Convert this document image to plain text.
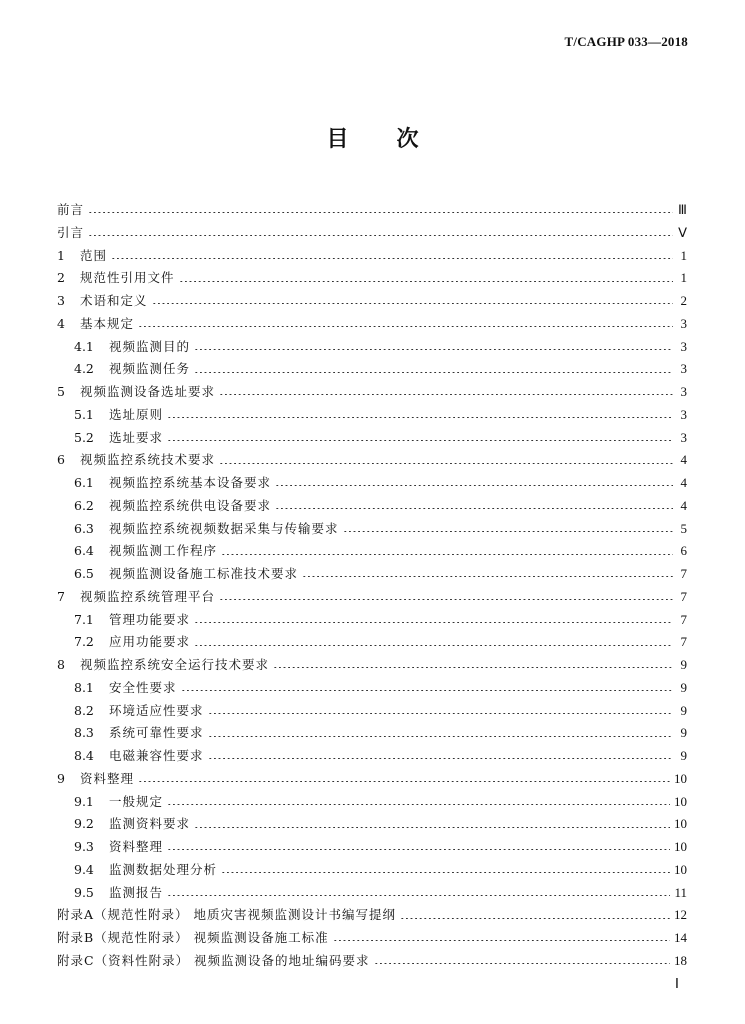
T/CAGHP 033—2018
目次
前言	Ⅲ
引言	Ⅴ
1	范围	1
2	规范性引用文件	1
3	术语和定义	2
4	基本规定	3
4.1	视频监测目的	3
4.2	视频监测任务	3
5	视频监测设备选址要求	3
5.1	选址原则	3
5.2	选址要求	3
6	视频监控系统技术要求	4
6.1	视频监控系统基本设备要求	4
6.2	视频监控系统供电设备要求	4
6.3	视频监控系统视频数据采集与传输要求	5
6.4	视频监测工作程序	6
6.5	视频监测设备施工标准技术要求	7
7	视频监控系统管理平台	7
7.1	管理功能要求	7
7.2	应用功能要求	7
8	视频监控系统安全运行技术要求	9
8.1	安全性要求	9
8.2	环境适应性要求	9
8.3	系统可靠性要求	9
8.4	电磁兼容性要求	9
9	资料整理	10
9.1	一般规定	10
9.2	监测资料要求	10
9.3	资料整理	10
9.4	监测数据处理分析	10
9.5	监测报告	11
附录A（规范性附录） 地质灾害视频监测设计书编写提纲	12
附录B（规范性附录） 视频监测设备施工标准	14
附录C（资料性附录） 视频监测设备的地址编码要求	18
Ⅰ
